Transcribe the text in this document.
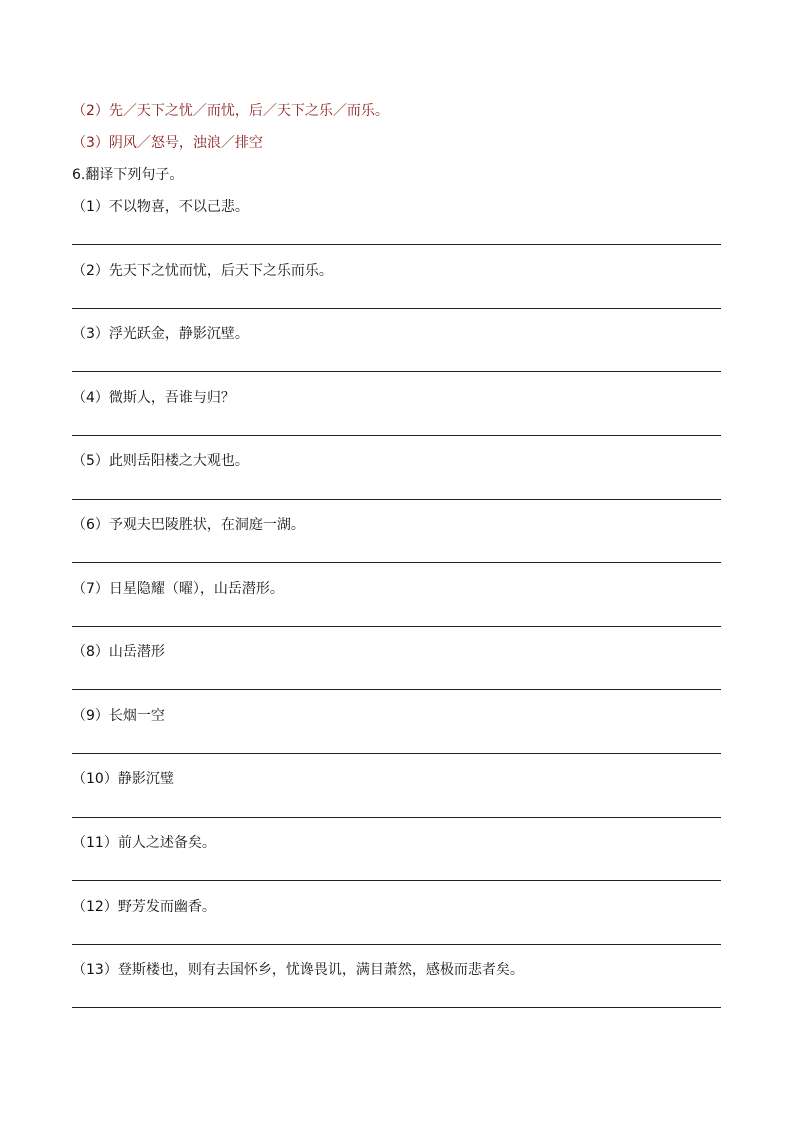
（2）先／天下之忧／而忧，后／天下之乐／而乐。
（3）阴风／怒号，浊浪／排空
6.翻译下列句子。
（1）不以物喜，不以己悲。
（2）先天下之忧而忧，后天下之乐而乐。
（3）浮光跃金，静影沉壁。
（4）微斯人，吾谁与归？
（5）此则岳阳楼之大观也。
（6）予观夫巴陵胜状，在洞庭一湖。
（7）日星隐耀（曜），山岳潜形。
（8）山岳潜形
（9）长烟一空
（10）静影沉璧
（11）前人之述备矣。
（12）野芳发而幽香。
（13）登斯楼也，则有去国怀乡，忧谗畏讥，满目萧然，感极而悲者矣。
